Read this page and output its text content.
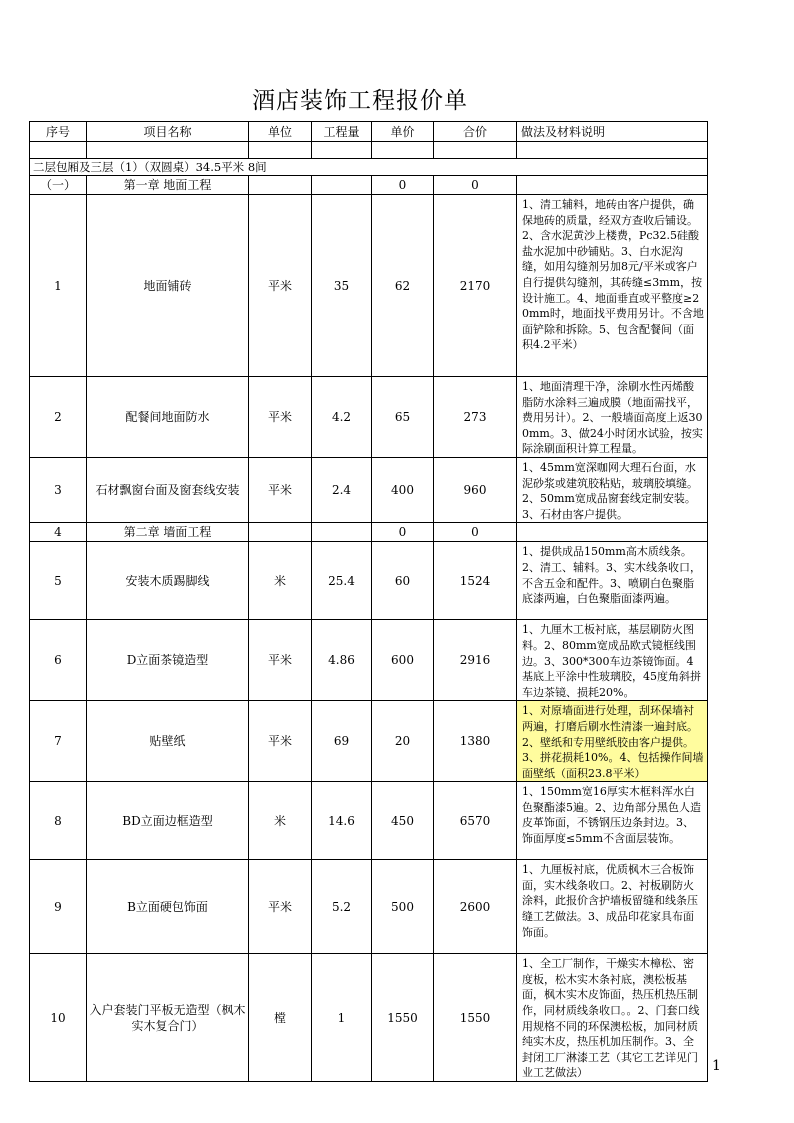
酒店装饰工程报价单
序号	项目名称	单位	工程量	单价	合价	做法及材料说明

二层包厢及三层（1）（双圆桌）34.5平米 8间						
（一）	第一章 地面工程			0	0	
1	地面铺砖	平米	35	62	2170	1、清工辅料，地砖由客户提供，确保地砖的质量，经双方查收后铺设。2、含水泥黄沙上楼费，Pc32.5硅酸盐水泥加中砂铺贴。3、白水泥沟缝，如用勾缝剂另加8元/平米或客户自行提供勾缝剂，其砖缝≤3mm，按设计施工。4、地面垂直或平整度≥20mm时，地面找平费用另计。不含地面铲除和拆除。5、包含配餐间（面积4.2平米）
2	配餐间地面防水	平米	4.2	65	273	1、地面清理干净，涂刷水性丙烯酸脂防水涂料三遍成膜（地面需找平，费用另计）。2、一般墙面高度上返300mm。3、做24小时闭水试验，按实际涂刷面积计算工程量。
3	石材飘窗台面及窗套线安装	平米	2.4	400	960	1、45mm宽深咖网大理石台面，水泥砂浆或建筑胶粘贴，玻璃胶填缝。2、50mm宽成品窗套线定制安装。3、石材由客户提供。
4	第二章 墙面工程			0	0	
5	安装木质踢脚线	米	25.4	60	1524	1、提供成品150mm高木质线条。2、清工、辅料。3、实木线条收口，不含五金和配件。3、喷刷白色聚脂底漆两遍，白色聚脂面漆两遍。
6	D立面茶镜造型	平米	4.86	600	2916	1、九厘木工板衬底，基层刷防火图料。2、80mm宽成品欧式镜框线围边。3、300*300车边茶镜饰面。4基底上平涂中性玻璃胶，45度角斜拼车边茶镜、损耗20%。
7	贴壁纸	平米	69	20	1380	1、对原墙面进行处理，刮环保墙衬两遍，打磨后刷水性清漆一遍封底。2、壁纸和专用壁纸胶由客户提供。3、拼花损耗10%。4、包括操作间墙面壁纸（面积23.8平米）
8	BD立面边框造型	米	14.6	450	6570	1、150mm宽16厚实木框料浑水白色聚酯漆5遍。2、边角部分黑色人造皮革饰面，不锈钢压边条封边。3、饰面厚度≤5mm不含面层装饰。
9	B立面硬包饰面	平米	5.2	500	2600	1、九厘板衬底，优质枫木三合板饰面，实木线条收口。2、衬板刷防火涂料，此报价含护墙板留缝和线条压缝工艺做法。3、成品印花家具布面饰面。
10	入户套装门平板无造型（枫木实木复合门）	樘	1	1550	1550	1、全工厂制作，干燥实木樟松、密度板，松木实木条衬底，澳松板基面，枫木实木皮饰面，热压机热压制作，同材质线条收口。。2、门套口线用规格不同的环保澳松板，加同材质纯实木皮，热压机加压制作。3、全封闭工厂淋漆工艺（其它工艺详见门业工艺做法）	1
